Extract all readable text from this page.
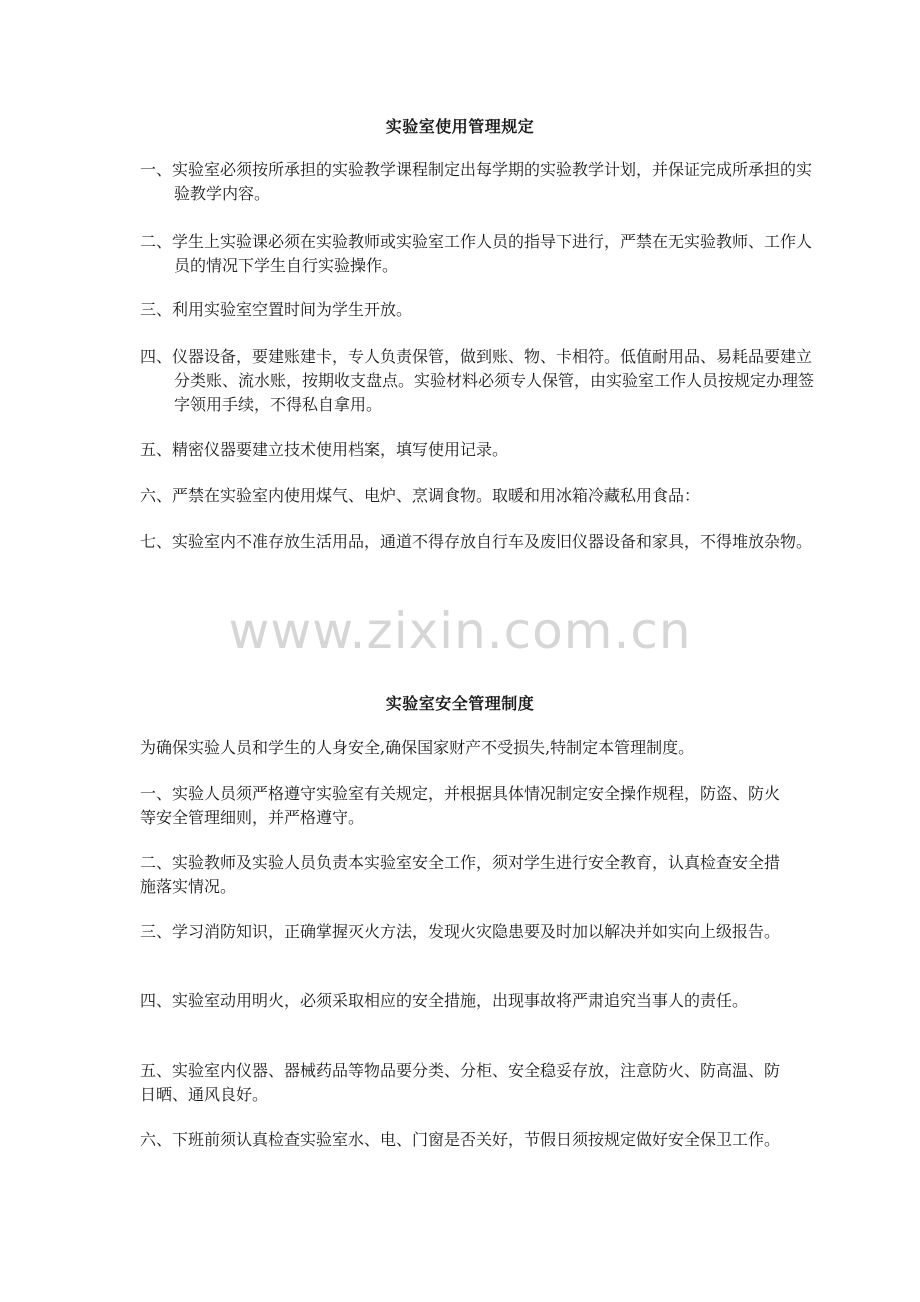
实验室使用管理规定

一、实验室必须按所承担的实验教学课程制定出每学期的实验教学计划，并保证完成所承担的实验教学内容。

二、学生上实验课必须在实验教师或实验室工作人员的指导下进行，严禁在无实验教师、工作人员的情况下学生自行实验操作。

三、利用实验室空置时间为学生开放。

四、仪器设备，要建账建卡，专人负责保管，做到账、物、卡相符。低值耐用品、易耗品要建立分类账、流水账，按期收支盘点。实验材料必须专人保管，由实验室工作人员按规定办理签字领用手续，不得私自拿用。

五、精密仪器要建立技术使用档案，填写使用记录。

六、严禁在实验室内使用煤气、电炉、烹调食物。取暖和用冰箱冷藏私用食品：

七、实验室内不准存放生活用品，通道不得存放自行车及废旧仪器设备和家具，不得堆放杂物。

www.zixin.com.cn
实验室安全管理制度

为确保实验人员和学生的人身安全,确保国家财产不受损失,特制定本管理制度。

一、实验人员须严格遵守实验室有关规定，并根据具体情况制定安全操作规程，防盗、防火等安全管理细则，并严格遵守。

二、实验教师及实验人员负责本实验室安全工作，须对学生进行安全教育，认真检查安全措施落实情况。

三、学习消防知识，正确掌握灭火方法，发现火灾隐患要及时加以解决并如实向上级报告。

四、实验室动用明火，必须采取相应的安全措施，出现事故将严肃追究当事人的责任。

五、实验室内仪器、器械药品等物品要分类、分柜、安全稳妥存放，注意防火、防高温、防日晒、通风良好。

六、下班前须认真检查实验室水、电、门窗是否关好，节假日须按规定做好安全保卫工作。
